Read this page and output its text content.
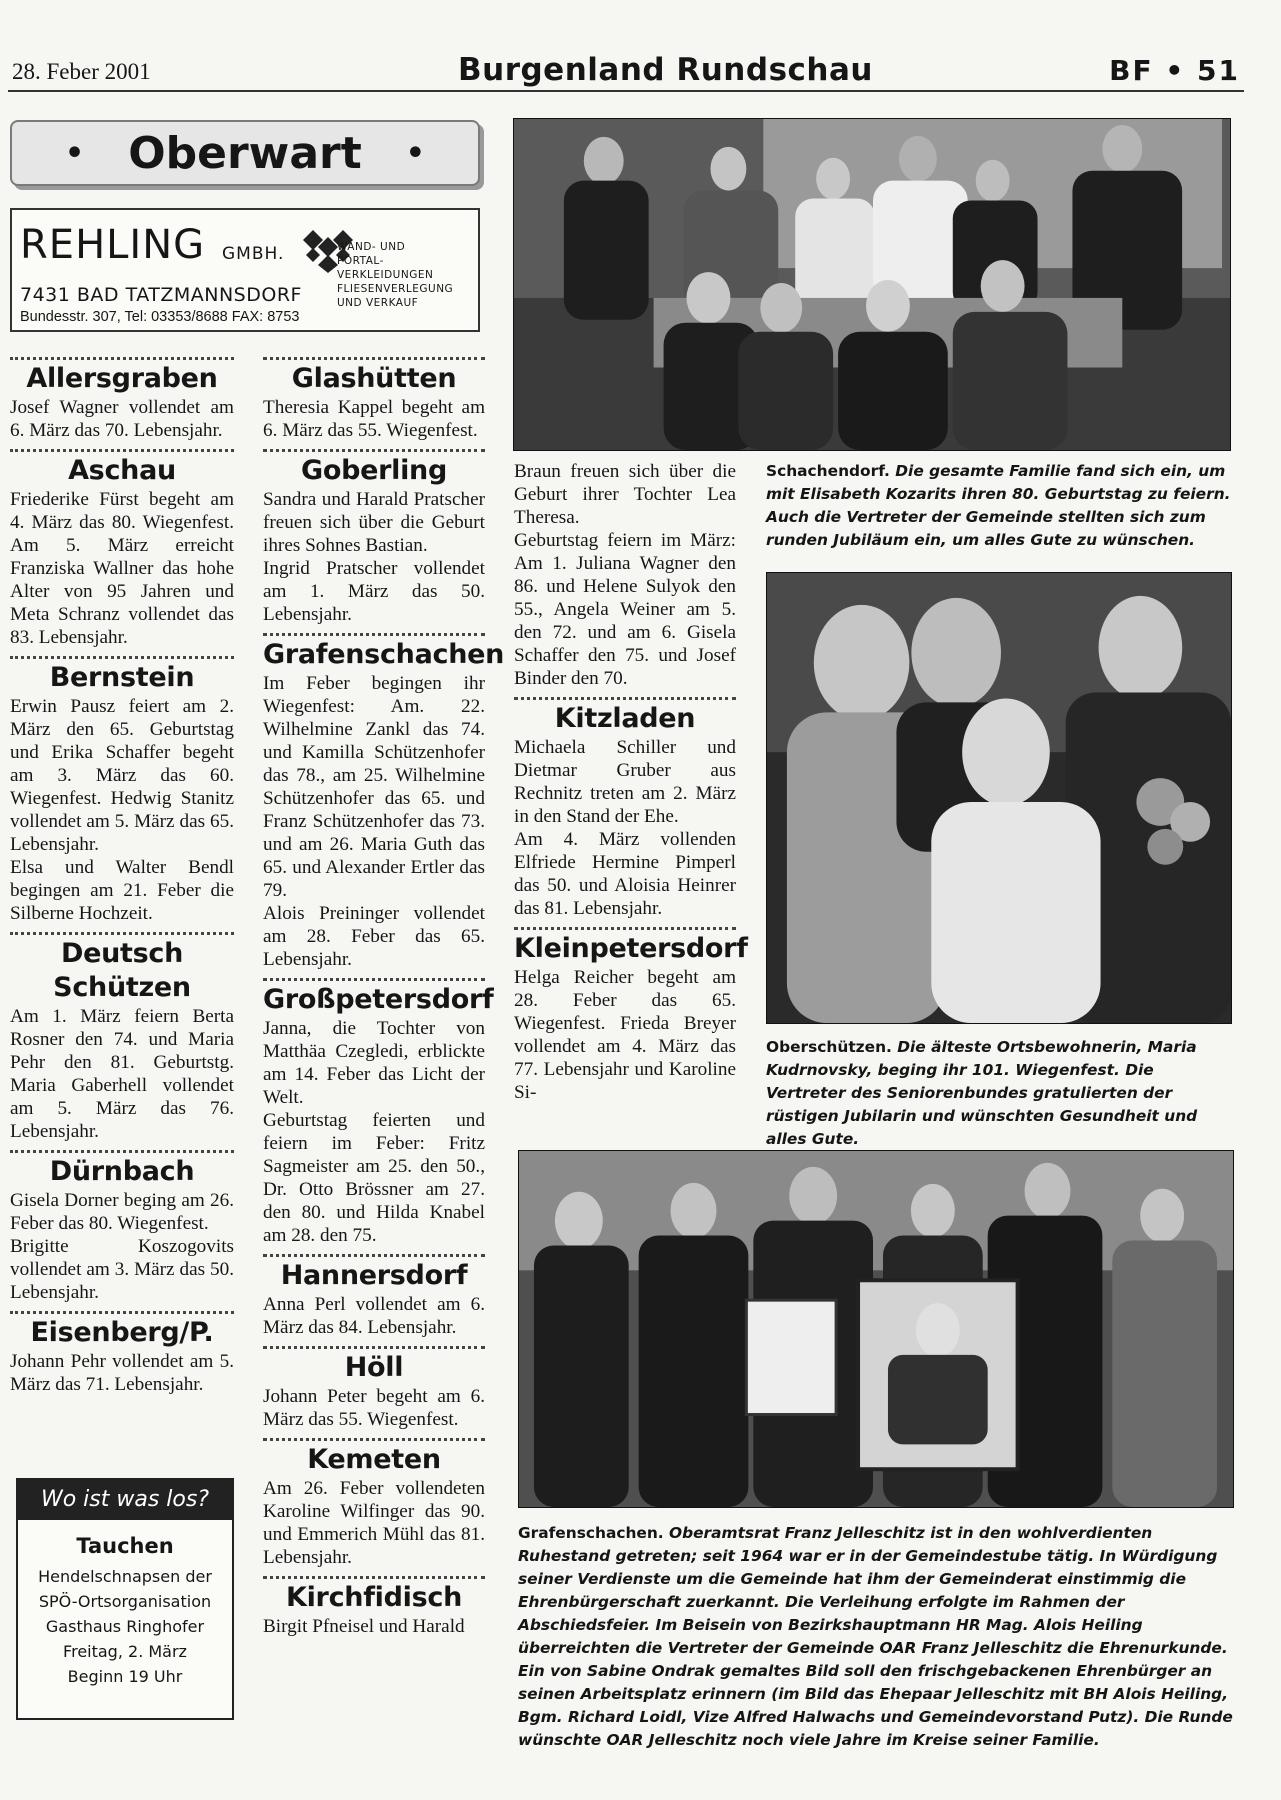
28. Feber 2001	Burgenland Rundschau	BF • 51
• Oberwart •
REHLING GMBH.
7431 BAD TATZMANNSDORF
Bundesstr. 307, Tel: 03353/8688 FAX: 8753
WAND- UND
PORTAL-
VERKLEIDUNGEN
FLIESENVERLEGUNG
UND VERKAUF
Allersgraben
Josef Wagner vollendet am 6. März das 70. Lebensjahr.
Aschau
Friederike Fürst begeht am 4. März das 80. Wiegenfest. Am 5. März erreicht Franziska Wallner das hohe Alter von 95 Jahren und Meta Schranz vollendet das 83. Lebensjahr.
Bernstein
Erwin Pausz feiert am 2. März den 65. Geburtstag und Erika Schaffer begeht am 3. März das 60. Wiegenfest. Hedwig Stanitz vollendet am 5. März das 65. Lebensjahr.
Elsa und Walter Bendl begingen am 21. Feber die Silberne Hochzeit.
Deutsch Schützen
Am 1. März feiern Berta Rosner den 74. und Maria Pehr den 81. Geburtstg. Maria Gaberhell vollendet am 5. März das 76. Lebensjahr.
Dürnbach
Gisela Dorner beging am 26. Feber das 80. Wiegenfest.
Brigitte Koszogovits vollendet am 3. März das 50. Lebensjahr.
Eisenberg/P.
Johann Pehr vollendet am 5. März das 71. Lebensjahr.
Wo ist was los?
Tauchen
Hendelschnapsen der
SPÖ-Ortsorganisation
Gasthaus Ringhofer
Freitag, 2. März
Beginn 19 Uhr
Glashütten
Theresia Kappel begeht am 6. März das 55. Wiegenfest.
Goberling
Sandra und Harald Pratscher freuen sich über die Geburt ihres Sohnes Bastian.
Ingrid Pratscher vollendet am 1. März das 50. Lebensjahr.
Grafenschachen
Im Feber begingen ihr Wiegenfest: Am. 22. Wilhelmine Zankl das 74. und Kamilla Schützenhofer das 78., am 25. Wilhelmine Schützenhofer das 65. und Franz Schützenhofer das 73. und am 26. Maria Guth das 65. und Alexander Ertler das 79.
Alois Preininger vollendet am 28. Feber das 65. Lebensjahr.
Großpetersdorf
Janna, die Tochter von Matthäa Czegledi, erblickte am 14. Feber das Licht der Welt.
Geburtstag feierten und feiern im Feber: Fritz Sagmeister am 25. den 50., Dr. Otto Brössner am 27. den 80. und Hilda Knabel am 28. den 75.
Hannersdorf
Anna Perl vollendet am 6. März das 84. Lebensjahr.
Höll
Johann Peter begeht am 6. März das 55. Wiegenfest.
Kemeten
Am 26. Feber vollendeten Karoline Wilfinger das 90. und Emmerich Mühl das 81. Lebensjahr.
Kirchfidisch
Birgit Pfneisel und Harald
Schachendorf. Die gesamte Familie fand sich ein, um mit Elisabeth Kozarits ihren 80. Geburtstag zu feiern. Auch die Vertreter der Gemeinde stellten sich zum runden Jubiläum ein, um alles Gute zu wünschen.
Braun freuen sich über die Geburt ihrer Tochter Lea Theresa.
Geburtstag feiern im März: Am 1. Juliana Wagner den 86. und Helene Sulyok den 55., Angela Weiner am 5. den 72. und am 6. Gisela Schaffer den 75. und Josef Binder den 70.
Kitzladen
Michaela Schiller und Dietmar Gruber aus Rechnitz treten am 2. März in den Stand der Ehe.
Am 4. März vollenden Elfriede Hermine Pimperl das 50. und Aloisia Heinrer das 81. Lebensjahr.
Kleinpetersdorf
Helga Reicher begeht am 28. Feber das 65. Wiegenfest. Frieda Breyer vollendet am 4. März das 77. Lebensjahr und Karoline Si-
Oberschützen. Die älteste Ortsbewohnerin, Maria Kudrnovsky, beging ihr 101. Wiegenfest. Die Vertreter des Seniorenbundes gratulierten der rüstigen Jubilarin und wünschten Gesundheit und alles Gute.
Grafenschachen. Oberamtsrat Franz Jelleschitz ist in den wohlverdienten Ruhestand getreten; seit 1964 war er in der Gemeindestube tätig. In Würdigung seiner Verdienste um die Gemeinde hat ihm der Gemeinderat einstimmig die Ehrenbürgerschaft zuerkannt. Die Verleihung erfolgte im Rahmen der Abschiedsfeier. Im Beisein von Bezirkshauptmann HR Mag. Alois Heiling überreichten die Vertreter der Gemeinde OAR Franz Jelleschitz die Ehrenurkunde. Ein von Sabine Ondrak gemaltes Bild soll den frischgebackenen Ehrenbürger an seinen Arbeitsplatz erinnern (im Bild das Ehepaar Jelleschitz mit BH Alois Heiling, Bgm. Richard Loidl, Vize Alfred Halwachs und Gemeindevorstand Putz). Die Runde wünschte OAR Jelleschitz noch viele Jahre im Kreise seiner Familie.
